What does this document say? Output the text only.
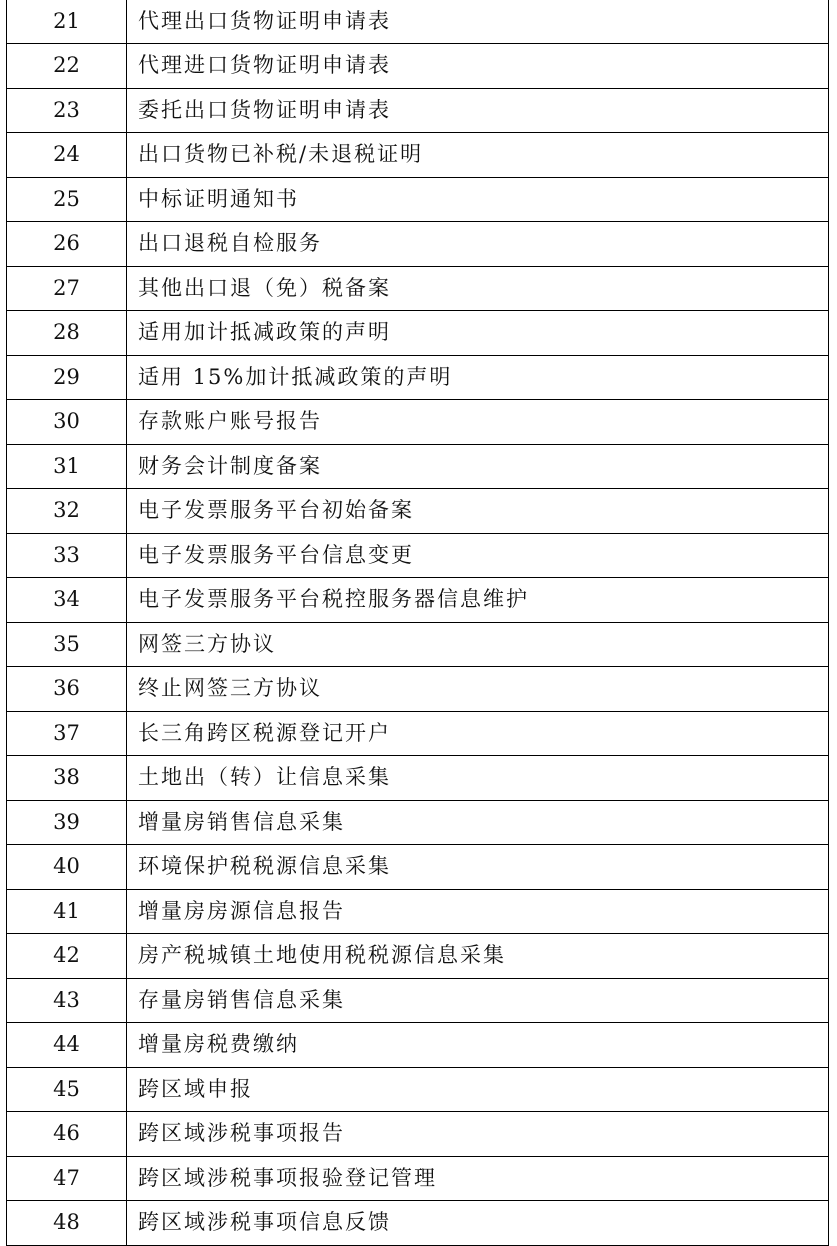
21	代理出口货物证明申请表
22	代理进口货物证明申请表
23	委托出口货物证明申请表
24	出口货物已补税/未退税证明
25	中标证明通知书
26	出口退税自检服务
27	其他出口退（免）税备案
28	适用加计抵减政策的声明
29	适用 15%加计抵减政策的声明
30	存款账户账号报告
31	财务会计制度备案
32	电子发票服务平台初始备案
33	电子发票服务平台信息变更
34	电子发票服务平台税控服务器信息维护
35	网签三方协议
36	终止网签三方协议
37	长三角跨区税源登记开户
38	土地出（转）让信息采集
39	增量房销售信息采集
40	环境保护税税源信息采集
41	增量房房源信息报告
42	房产税城镇土地使用税税源信息采集
43	存量房销售信息采集
44	增量房税费缴纳
45	跨区域申报
46	跨区域涉税事项报告
47	跨区域涉税事项报验登记管理
48	跨区域涉税事项信息反馈
